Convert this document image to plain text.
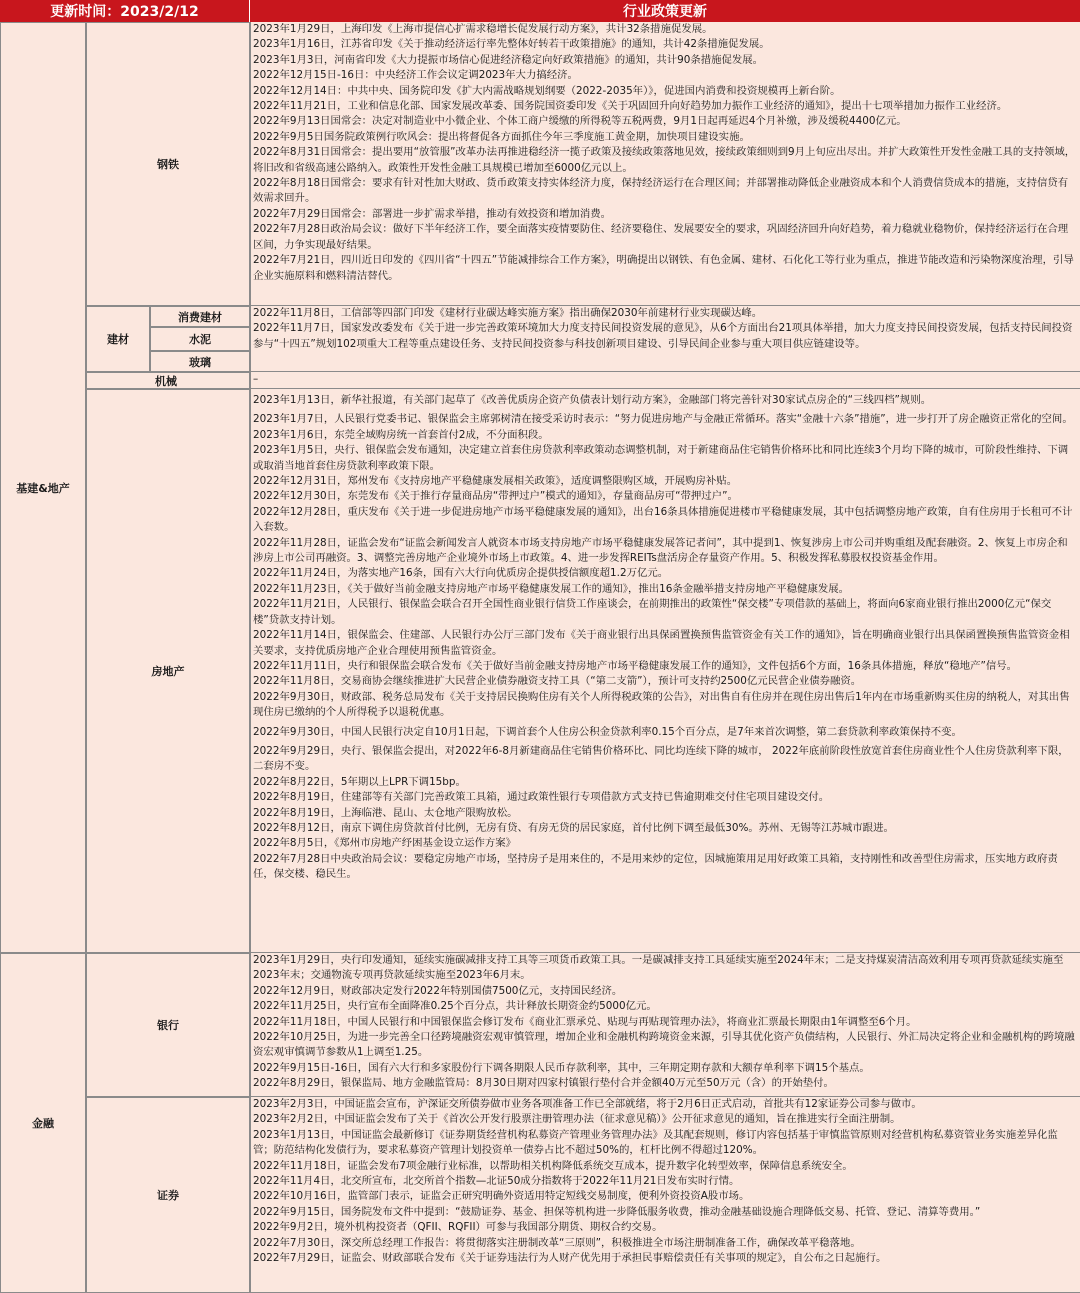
更新时间：2023/2/12	行业政策更新
基建&地产
金融
钢铁
建材
消费建材
水泥
玻璃
机械
房地产
银行
证券

2023年1月29日，上海印发《上海市提信心扩需求稳增长促发展行动方案》，共计32条措施促发展。

2023年1月16日，江苏省印发《关于推动经济运行率先整体好转若干政策措施》的通知，共计42条措施促发展。

2023年1月3日，河南省印发《大力提振市场信心促进经济稳定向好政策措施》的通知，共计90条措施促发展。

2022年12月15日-16日：中央经济工作会议定调2023年大力搞经济。

2022年12月14日：中共中央、国务院印发《扩大内需战略规划纲要（2022-2035年）》，促进国内消费和投资规模再上新台阶。

2022年11月21日，工业和信息化部、国家发展改革委、国务院国资委印发《关于巩固回升向好趋势加力振作工业经济的通知》，提出十七项举措加力振作工业经济。

2022年9月13日国常会：决定对制造业中小微企业、个体工商户缓缴的所得税等五税两费，9月1日起再延迟4个月补缴，涉及缓税4400亿元。

2022年9月5日国务院政策例行吹风会：提出将督促各方面抓住今年三季度施工黄金期，加快项目建设实施。

2022年8月31日国常会：提出要用“放管服”改革办法再推进稳经济一揽子政策及接续政策落地见效，接续政策细则到9月上旬应出尽出。并扩大政策性开发性金融工具的支持领域，将旧改和省级高速公路纳入。政策性开发性金融工具规模已增加至6000亿元以上。

2022年8月18日国常会：要求有针对性加大财政、货币政策支持实体经济力度，保持经济运行在合理区间；并部署推动降低企业融资成本和个人消费信贷成本的措施，支持信贷有效需求回升。

2022年7月29日国常会：部署进一步扩需求举措，推动有效投资和增加消费。

2022年7月28日政治局会议：做好下半年经济工作，要全面落实疫情要防住、经济要稳住、发展要安全的要求，巩固经济回升向好趋势，着力稳就业稳物价，保持经济运行在合理区间，力争实现最好结果。

2022年7月21日，四川近日印发的《四川省“十四五”节能减排综合工作方案》，明确提出以钢铁、有色金属、建材、石化化工等行业为重点，推进节能改造和污染物深度治理，引导企业实施原料和燃料清洁替代。

2022年11月8日，工信部等四部门印发《建材行业碳达峰实施方案》指出确保2030年前建材行业实现碳达峰。

2022年11月7日，国家发改委发布《关于进一步完善政策环境加大力度支持民间投资发展的意见》，从6个方面出台21项具体举措，加大力度支持民间投资发展，包括支持民间投资参与“十四五”规划102项重大工程等重点建设任务、支持民间投资参与科技创新项目建设、引导民间企业参与重大项目供应链建设等。

–

2023年1月13日，新华社报道，有关部门起草了《改善优质房企资产负债表计划行动方案》，金融部门将完善针对30家试点房企的“三线四档”规则。

2023年1月7日，人民银行党委书记、银保监会主席郭树清在接受采访时表示：“努力促进房地产与金融正常循环。落实“金融十六条”措施”，进一步打开了房企融资正常化的空间。

2023年1月6日，东莞全域购房统一首套首付2成，不分面积段。

2023年1月5日，央行、银保监会发布通知，决定建立首套住房贷款利率政策动态调整机制，对于新建商品住宅销售价格环比和同比连续3个月均下降的城市，可阶段性维持、下调或取消当地首套住房贷款利率政策下限。

2022年12月31日，郑州发布《支持房地产平稳健康发展相关政策》，适度调整限购区域，开展购房补贴。

2022年12月30日，东莞发布《关于推行存量商品房“带押过户”模式的通知》，存量商品房可“带押过户”。

2022年12月28日，重庆发布《关于进一步促进房地产市场平稳健康发展的通知》，出台16条具体措施促进楼市平稳健康发展，其中包括调整房地产政策，自有住房用于长租可不计入套数。

2022年11月28日，证监会发布“证监会新闻发言人就资本市场支持房地产市场平稳健康发展答记者问”，其中提到1、恢复涉房上市公司并购重组及配套融资。2、恢复上市房企和涉房上市公司再融资。3、调整完善房地产企业境外市场上市政策。4、进一步发挥REITs盘活房企存量资产作用。5、积极发挥私募股权投资基金作用。

2022年11月24日，为落实地产16条，国有六大行向优质房企提供授信额度超1.2万亿元。

2022年11月23日，《关于做好当前金融支持房地产市场平稳健康发展工作的通知》，推出16条金融举措支持房地产平稳健康发展。

2022年11月21日，人民银行、银保监会联合召开全国性商业银行信贷工作座谈会，在前期推出的政策性“保交楼”专项借款的基础上，将面向6家商业银行推出2000亿元“保交楼”贷款支持计划。

2022年11月14日，银保监会、住建部、人民银行办公厅三部门发布《关于商业银行出具保函置换预售监管资金有关工作的通知》，旨在明确商业银行出具保函置换预售监管资金相关要求，支持优质房地产企业合理使用预售监管资金。

2022年11月11日，央行和银保监会联合发布《关于做好当前金融支持房地产市场平稳健康发展工作的通知》，文件包括6个方面，16条具体措施，释放“稳地产”信号。

2022年11月8日，交易商协会继续推进扩大民营企业债券融资支持工具（“第二支箭”），预计可支持约2500亿元民营企业债券融资。

2022年9月30日，财政部、税务总局发布《关于支持居民换购住房有关个人所得税政策的公告》，对出售自有住房并在现住房出售后1年内在市场重新购买住房的纳税人，对其出售现住房已缴纳的个人所得税予以退税优惠。

2022年9月30日，中国人民银行决定自10月1日起，下调首套个人住房公积金贷款利率0.15个百分点，是7年来首次调整，第二套贷款利率政策保持不变。

2022年9月29日，央行、银保监会提出，对2022年6-8月新建商品住宅销售价格环比、同比均连续下降的城市， 2022年底前阶段性放宽首套住房商业性个人住房贷款利率下限，二套房不变。

2022年8月22日，5年期以上LPR下调15bp。

2022年8月19日，住建部等有关部门完善政策工具箱，通过政策性银行专项借款方式支持已售逾期难交付住宅项目建设交付。

2022年8月19日，上海临港、昆山、太仓地产限购放松。

2022年8月12日，南京下调住房贷款首付比例，无房有贷、有房无贷的居民家庭，首付比例下调至最低30%。苏州、无锡等江苏城市跟进。

2022年8月5日，《郑州市房地产纾困基金设立运作方案》

2022年7月28日中央政治局会议：要稳定房地产市场，坚持房子是用来住的，不是用来炒的定位，因城施策用足用好政策工具箱，支持刚性和改善型住房需求，压实地方政府责任，保交楼、稳民生。

2023年1月29日，央行印发通知，延续实施碳减排支持工具等三项货币政策工具。一是碳减排支持工具延续实施至2024年末；二是支持煤炭清洁高效利用专项再贷款延续实施至2023年末；交通物流专项再贷款延续实施至2023年6月末。

2022年12月9日，财政部决定发行2022年特别国债7500亿元，支持国民经济。

2022年11月25日，央行宣布全面降准0.25个百分点，共计释放长期资金约5000亿元。

2022年11月18日，中国人民银行和中国银保监会修订发布《商业汇票承兑、贴现与再贴现管理办法》，将商业汇票最长期限由1年调整至6个月。

2022年10月25日，为进一步完善全口径跨境融资宏观审慎管理，增加企业和金融机构跨境资金来源，引导其优化资产负债结构，人民银行、外汇局决定将企业和金融机构的跨境融资宏观审慎调节参数从1上调至1.25。

2022年9月15日-16日，国有六大行和多家股份行下调各期限人民币存款利率，其中，三年期定期存款和大额存单利率下调15个基点。

2022年8月29日，银保监局、地方金融监管局：8月30日期对四家村镇银行垫付合并金额40万元至50万元（含）的开始垫付。

2023年2月3日，中国证监会宣布，沪深证交所债券做市业务各项准备工作已全部就绪，将于2月6日正式启动，首批共有12家证券公司参与做市。

2023年2月2日，中国证监会发布了关于《首次公开发行股票注册管理办法（征求意见稿）》公开征求意见的通知，旨在推进实行全面注册制。

2023年1月13日，中国证监会最新修订《证券期货经营机构私募资产管理业务管理办法》及其配套规则，修订内容包括基于审慎监管原则对经营机构私募资管业务实施差异化监管；防范结构化发债行为，要求私募资产管理计划投资单一债券占比不超过50%的，杠杆比例不得超过120%。

2022年11月18日，证监会发布7项金融行业标准，以帮助相关机构降低系统交互成本，提升数字化转型效率，保障信息系统安全。

2022年11月4日，北交所宣布，北交所首个指数—北证50成分指数将于2022年11月21日发布实时行情。

2022年10月16日，监管部门表示，证监会正研究明确外资适用特定短线交易制度，便利外资投资A股市场。

2022年9月15日，国务院发布文件中提到：“鼓励证券、基金、担保等机构进一步降低服务收费，推动金融基础设施合理降低交易、托管、登记、清算等费用。”

2022年9月2日，境外机构投资者（QFII、RQFII）可参与我国部分期货、期权合约交易。

2022年7月30日，深交所总经理工作报告：将贯彻落实注册制改革“三原则”，积极推进全市场注册制准备工作，确保改革平稳落地。

2022年7月29日，证监会、财政部联合发布《关于证券违法行为人财产优先用于承担民事赔偿责任有关事项的规定》，自公布之日起施行。
